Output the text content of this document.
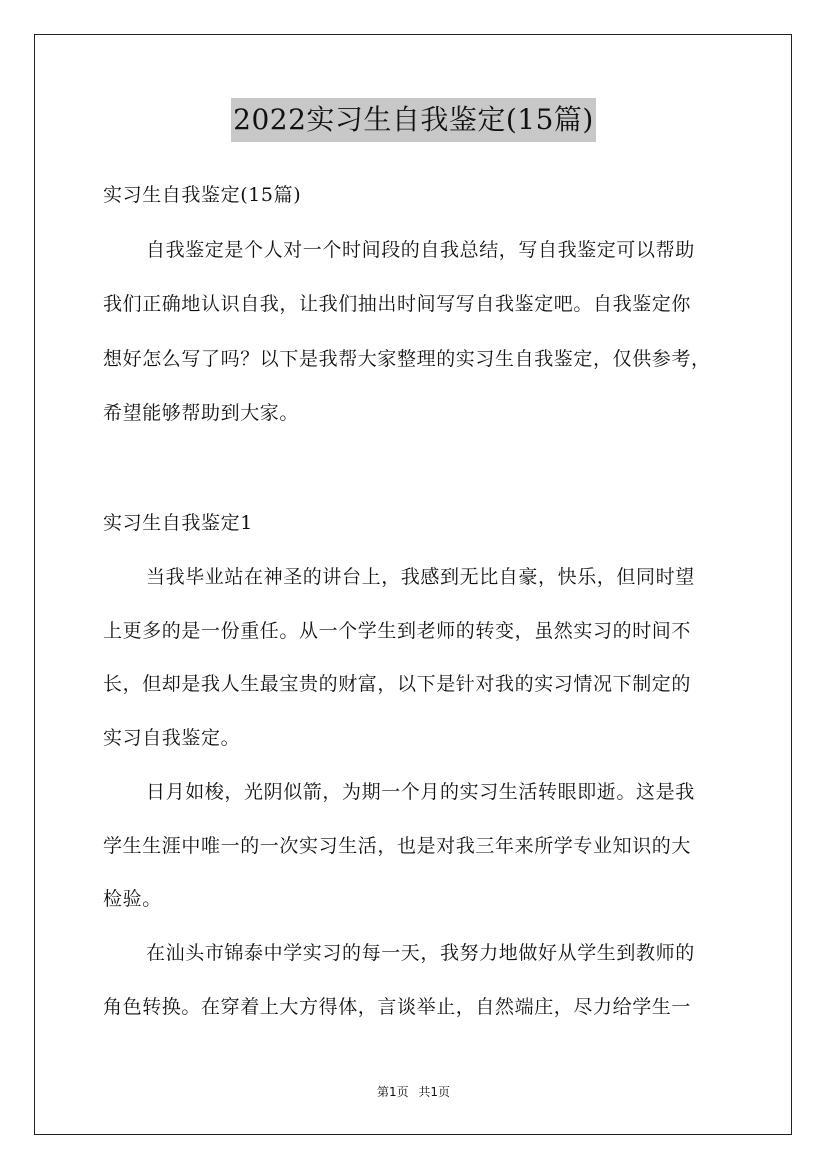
2022实习生自我鉴定(15篇)
实习生自我鉴定(15篇)
自我鉴定是个人对一个时间段的自我总结，写自我鉴定可以帮助
我们正确地认识自我，让我们抽出时间写写自我鉴定吧。自我鉴定你
想好怎么写了吗？以下是我帮大家整理的实习生自我鉴定，仅供参考，
希望能够帮助到大家。
实习生自我鉴定1
当我毕业站在神圣的讲台上，我感到无比自豪，快乐，但同时望
上更多的是一份重任。从一个学生到老师的转变，虽然实习的时间不
长，但却是我人生最宝贵的财富，以下是针对我的实习情况下制定的
实习自我鉴定。
日月如梭，光阴似箭，为期一个月的实习生活转眼即逝。这是我
学生生涯中唯一的一次实习生活，也是对我三年来所学专业知识的大
检验。
在汕头市锦泰中学实习的每一天，我努力地做好从学生到教师的
角色转换。在穿着上大方得体，言谈举止，自然端庄，尽力给学生一
第1页 共1页
